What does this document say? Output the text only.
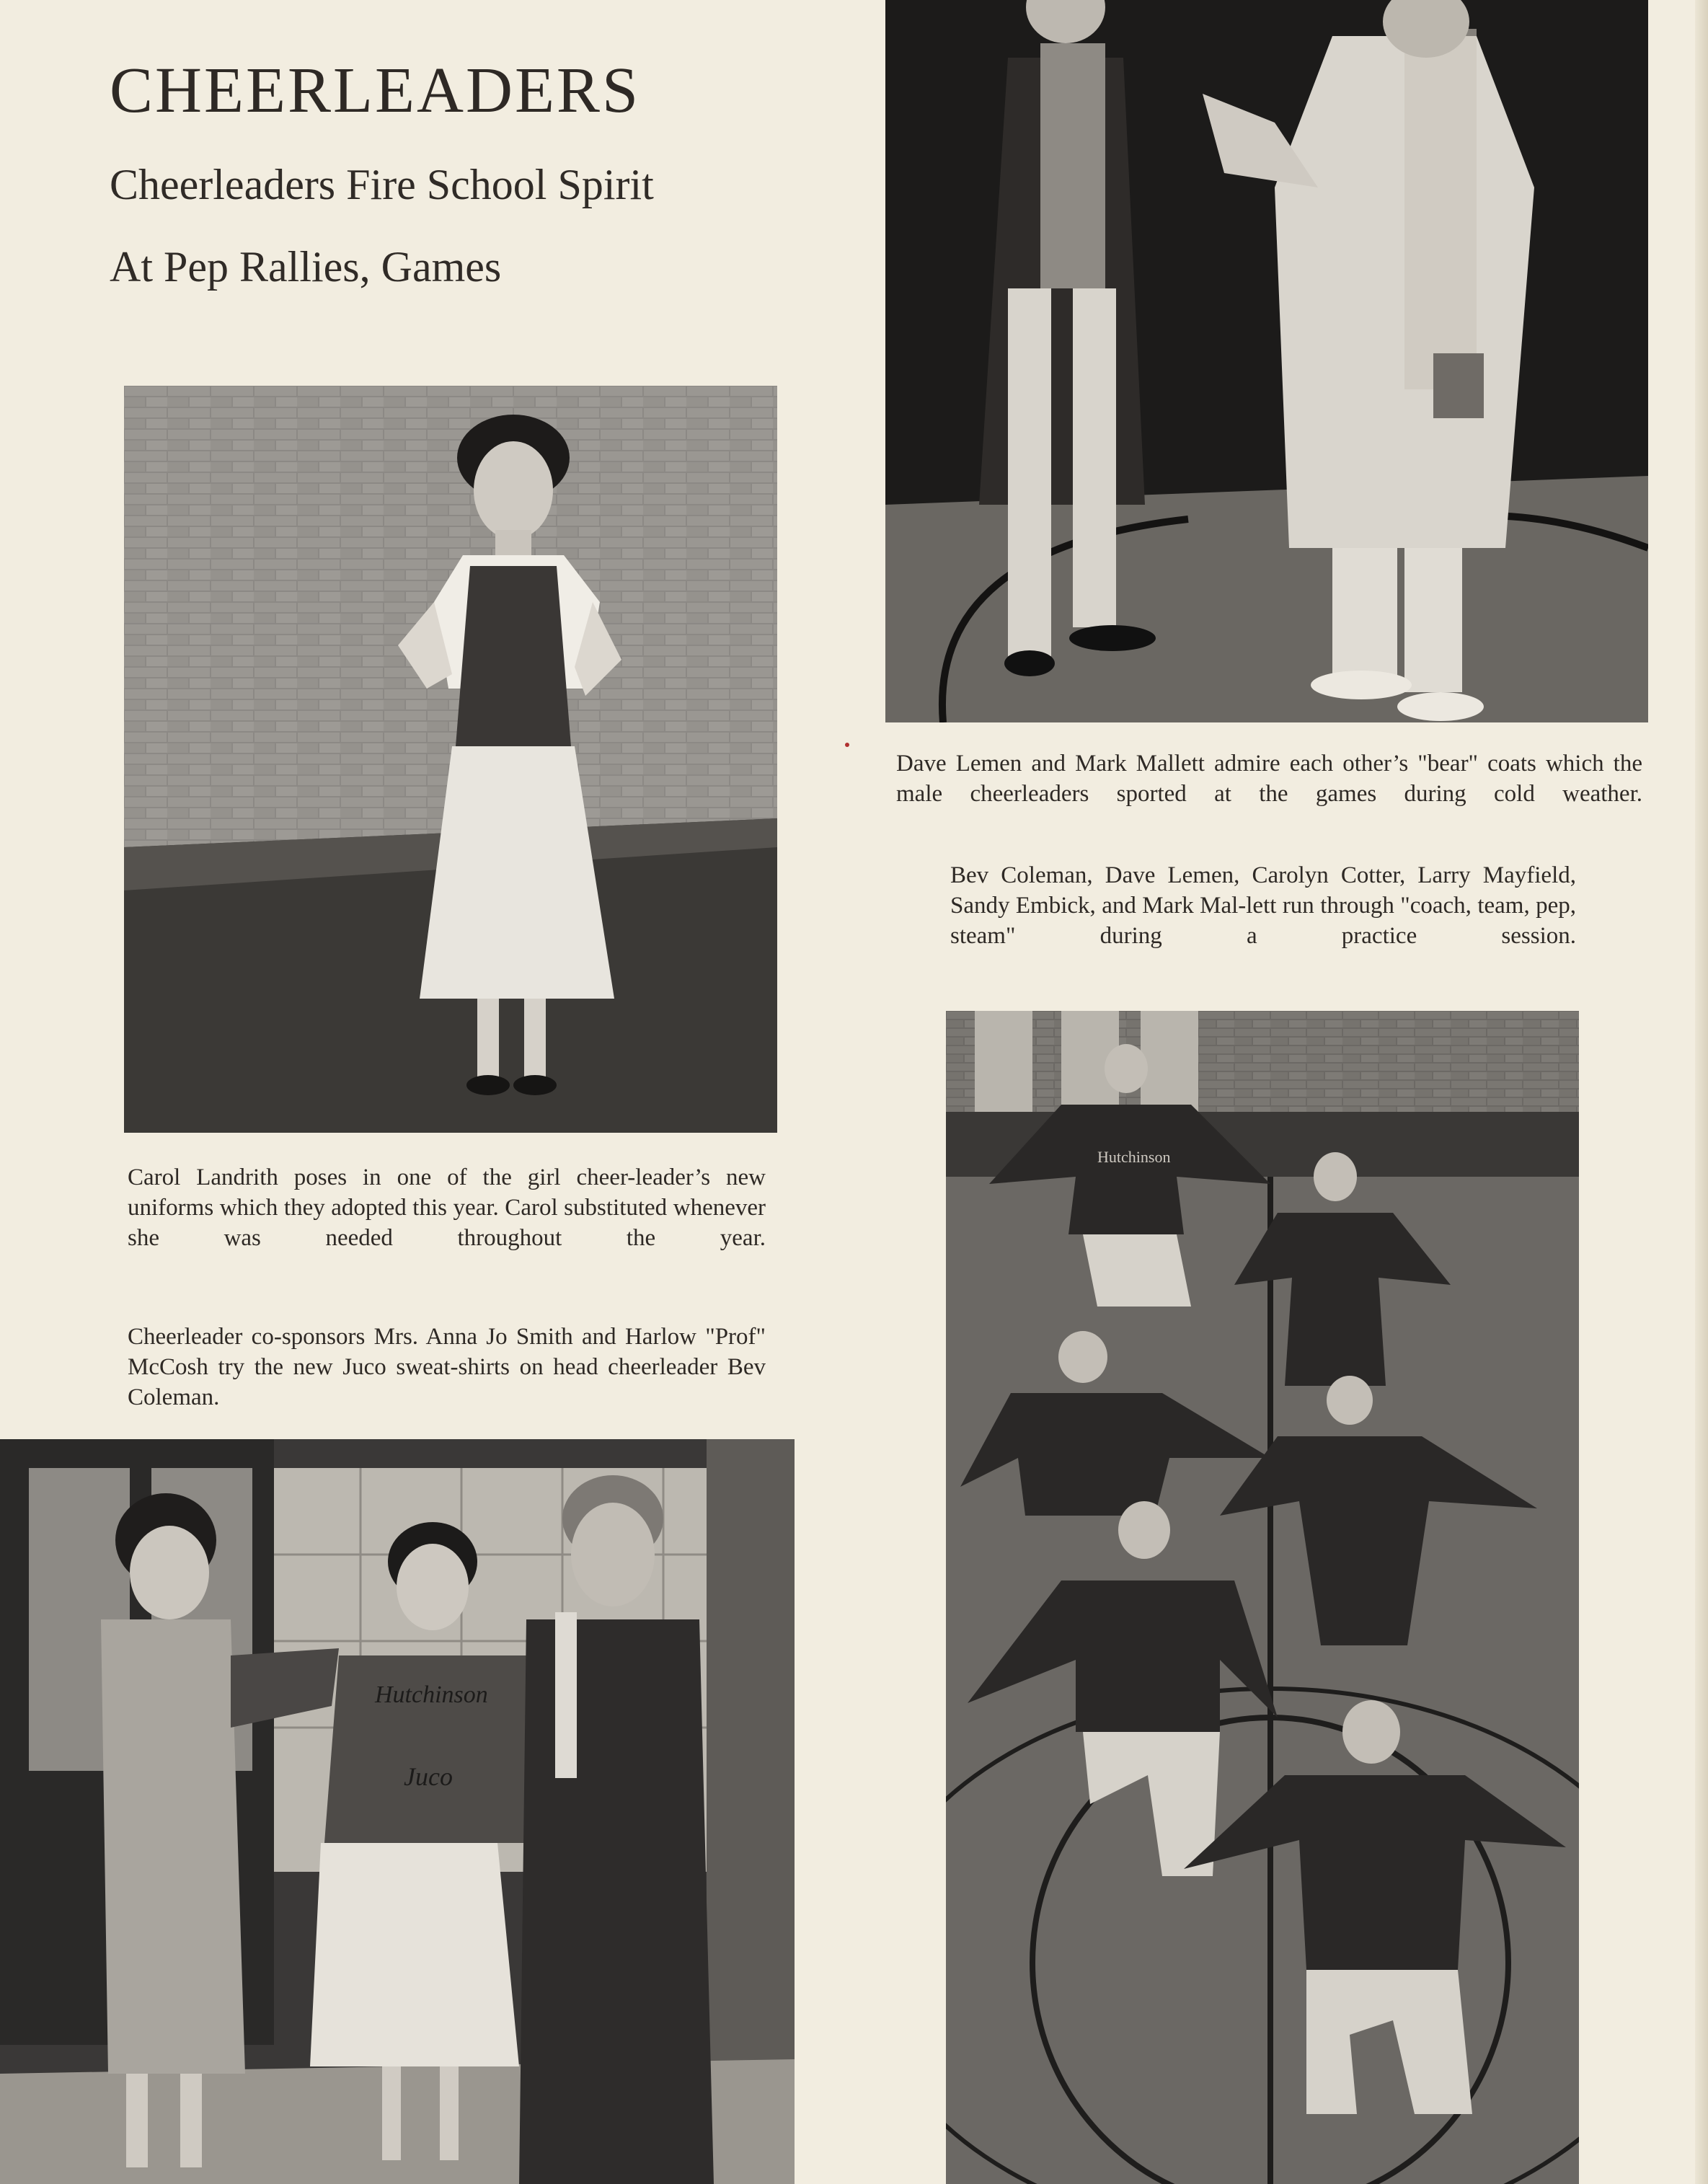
CHEERLEADERS
Cheerleaders Fire School Spirit
At Pep Rallies, Games
Hutchinson
Juco
Hutchinson
Carol Landrith poses in one of the girl cheer-leader’s new uniforms which they adopted this year. Carol substituted whenever she was needed throughout the year.
Cheerleader co-sponsors Mrs. Anna Jo Smith and Harlow "Prof" McCosh try the new Juco sweat-shirts on head cheerleader Bev Coleman.
Dave Lemen and Mark Mallett admire each other’s "bear" coats which the male cheerleaders sported at the games during cold weather.
Bev Coleman, Dave Lemen, Carolyn Cotter, Larry Mayfield, Sandy Embick, and Mark Mal-lett run through "coach, team, pep, steam" during a practice session.
